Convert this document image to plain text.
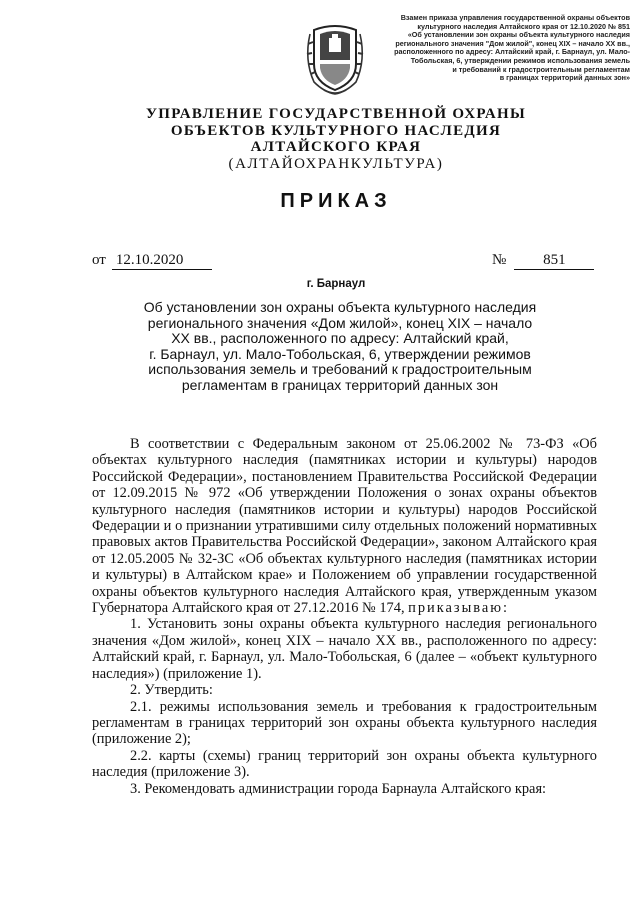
Взамен приказа управления государственной охраны объектов
культурного наследия Алтайского края от 12.10.2020 № 851
«Об установлении зон охраны объекта культурного наследия
регионального значения "Дом жилой", конец XIX – начало XX вв.,
расположенного по адресу: Алтайский край, г. Барнаул, ул. Мало-
Тобольская, 6, утверждении режимов использования земель
и требований к градостроительным регламентам
в границах территорий данных зон»
УПРАВЛЕНИЕ ГОСУДАРСТВЕННОЙ ОХРАНЫ
ОБЪЕКТОВ КУЛЬТУРНОГО НАСЛЕДИЯ
АЛТАЙСКОГО КРАЯ
(АЛТАЙОХРАНКУЛЬТУРА)
ПРИКАЗ
от 12.10.2020	№ 851
г. Барнаул
Об установлении зон охраны объекта культурного наследия
регионального значения «Дом жилой», конец XIX – начало
XX вв., расположенного по адресу: Алтайский край,
г. Барнаул, ул. Мало-Тобольская, 6, утверждении режимов
использования земель и требований к градостроительным
регламентам в границах территорий данных зон

В соответствии с Федеральным законом от 25.06.2002 № 73-ФЗ «Об объектах культурного наследия (памятниках истории и культуры) народов Российской Федерации», постановлением Правительства Российской Федерации от 12.09.2015 № 972 «Об утверждении Положения о зонах охраны объектов культурного наследия (памятников истории и культуры) народов Российской Федерации и о признании утратившими силу отдельных положений нормативных правовых актов Правительства Российской Федерации», законом Алтайского края от 12.05.2005 № 32-ЗС «Об объектах культурного наследия (памятниках истории и культуры) в Алтайском крае» и Положением об управлении государственной охраны объектов культурного наследия Алтайского края, утвержденным указом Губернатора Алтайского края от 27.12.2016 № 174, приказываю:

1. Установить зоны охраны объекта культурного наследия регионального значения «Дом жилой», конец XIX – начало XX вв., расположенного по адресу: Алтайский край, г. Барнаул, ул. Мало-Тобольская, 6 (далее – «объект культурного наследия») (приложение 1).

2. Утвердить:

2.1. режимы использования земель и требования к градостроительным регламентам в границах территорий зон охраны объекта культурного наследия (приложение 2);

2.2. карты (схемы) границ территорий зон охраны объекта культурного наследия (приложение 3).

3. Рекомендовать администрации города Барнаула Алтайского края:
